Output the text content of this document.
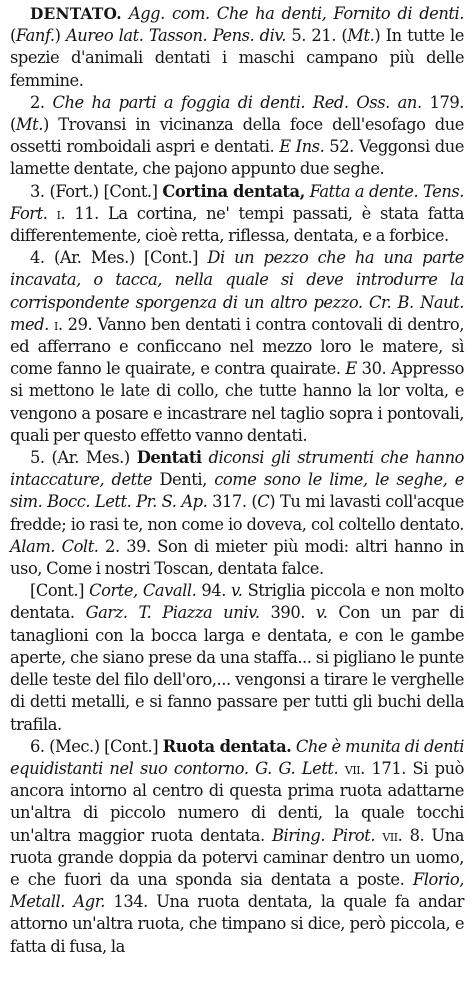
DENTATO. Agg. com. Che ha denti, Fornito di denti. (Fanf.) Aureo lat. Tasson. Pens. div. 5. 21. (Mt.) In tutte le spezie d'animali dentati i maschi campano più delle femmine.

2. Che ha parti a foggia di denti. Red. Oss. an. 179. (Mt.) Trovansi in vicinanza della foce dell'esofago due ossetti romboidali aspri e dentati. E Ins. 52. Veggonsi due lamette dentate, che pajono appunto due seghe.

3. (Fort.) [Cont.] Cortina dentata, Fatta a dente. Tens. Fort. i. 11. La cortina, ne' tempi passati, è stata fatta differentemente, cioè retta, riflessa, dentata, e a forbice.

4. (Ar. Mes.) [Cont.] Di un pezzo che ha una parte incavata, o tacca, nella quale si deve introdurre la corrispondente sporgenza di un altro pezzo. Cr. B. Naut. med. i. 29. Vanno ben dentati i contra contovali di dentro, ed afferrano e conficcano nel mezzo loro le matere, sì come fanno le quairate, e contra quairate. E 30. Appresso si mettono le late di collo, che tutte hanno la lor volta, e vengono a posare e incastrare nel taglio sopra i pontovali, quali per questo effetto vanno dentati.

5. (Ar. Mes.) Dentati diconsi gli strumenti che hanno intaccature, dette Denti, come sono le lime, le seghe, e sim. Bocc. Lett. Pr. S. Ap. 317. (C) Tu mi lavasti coll'acque fredde; io rasi te, non come io doveva, col coltello dentato. Alam. Colt. 2. 39. Son di mieter più modi: altri hanno in uso, Come i nostri Toscan, dentata falce.

[Cont.] Corte, Cavall. 94. v. Striglia piccola e non molto dentata. Garz. T. Piazza univ. 390. v. Con un par di tanaglioni con la bocca larga e dentata, e con le gambe aperte, che siano prese da una staffa... si pigliano le punte delle teste del filo dell'oro,... vengonsi a tirare le verghelle di detti metalli, e si fanno passare per tutti gli buchi della trafila.

6. (Mec.) [Cont.] Ruota dentata. Che è munita di denti equidistanti nel suo contorno. G. G. Lett. vii. 171. Si può ancora intorno al centro di questa prima ruota adattarne un'altra di piccolo numero di denti, la quale tocchi un'altra maggior ruota dentata. Biring. Pirot. vii. 8. Una ruota grande doppia da potervi caminar dentro un uomo, e che fuori da una sponda sia dentata a poste. Florio, Metall. Agr. 134. Una ruota dentata, la quale fa andar attorno un'altra ruota, che timpano si dice, però piccola, e fatta di fusa, la
